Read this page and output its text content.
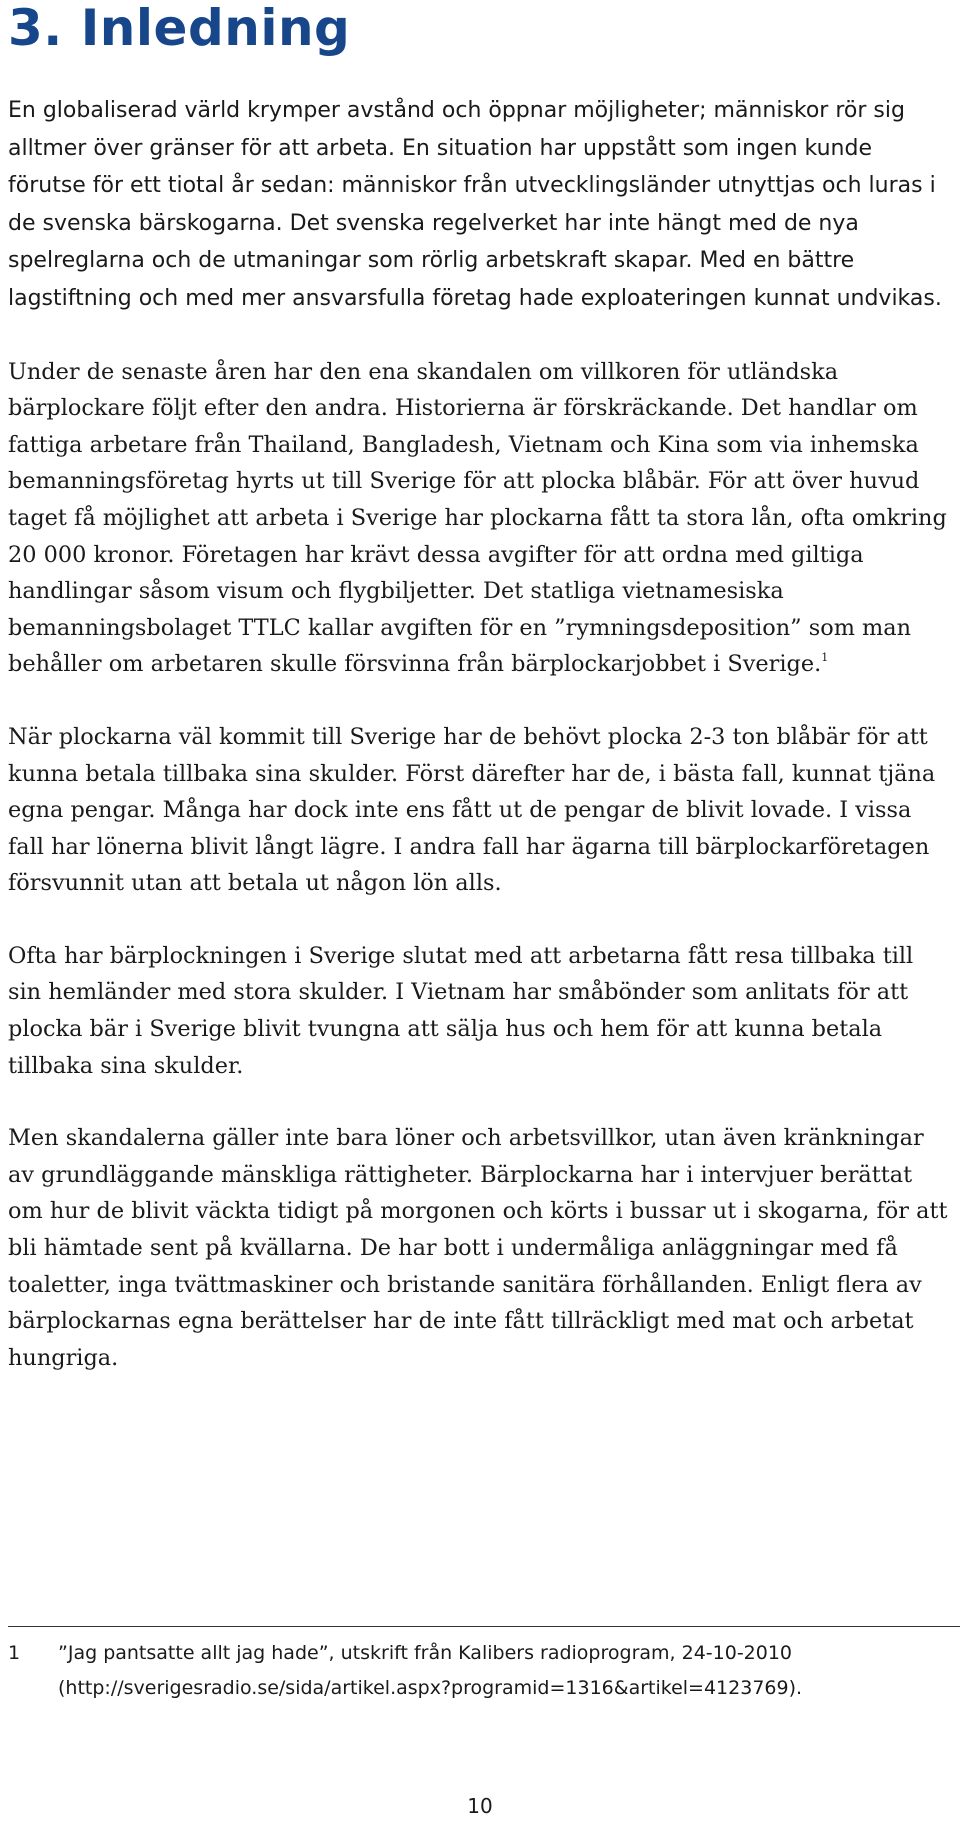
3. Inledning

En globaliserad värld krymper avstånd och öppnar möjligheter; människor rör sig alltmer över gränser för att arbeta. En situation har uppstått som ingen kunde förutse för ett tiotal år sedan: människor från utvecklingsländer utnyttjas och luras i de svenska bärskogarna. Det svenska regelverket har inte hängt med de nya spelreglarna och de utmaningar som rörlig arbetskraft skapar. Med en bättre lagstiftning och med mer ansvarsfulla företag hade exploateringen kunnat undvikas.

Under de senaste åren har den ena skandalen om villkoren för utländska bärplockare följt efter den andra. Historierna är förskräckande. Det handlar om fattiga arbetare från Thailand, Bangladesh, Vietnam och Kina som via inhemska bemanningsföretag hyrts ut till Sverige för att plocka blåbär. För att över huvud taget få möjlighet att arbeta i Sverige har plockarna fått ta stora lån, ofta omkring 20 000 kronor. Företagen har krävt dessa avgifter för att ordna med giltiga handlingar såsom visum och flygbiljetter. Det statliga vietnamesiska bemanningsbolaget TTLC kallar avgiften för en ”rymningsdeposition” som man behåller om arbetaren skulle försvinna från bärplockarjobbet i Sverige.$^1$

När plockarna väl kommit till Sverige har de behövt plocka 2-3 ton blåbär för att kunna betala tillbaka sina skulder. Först därefter har de, i bästa fall, kunnat tjäna egna pengar. Många har dock inte ens fått ut de pengar de blivit lovade. I vissa fall har lönerna blivit långt lägre. I andra fall har ägarna till bärplockarföretagen försvunnit utan att betala ut någon lön alls.

Ofta har bärplockningen i Sverige slutat med att arbetarna fått resa tillbaka till sin hemländer med stora skulder. I Vietnam har småbönder som anlitats för att plocka bär i Sverige blivit tvungna att sälja hus och hem för att kunna betala tillbaka sina skulder.

Men skandalerna gäller inte bara löner och arbetsvillkor, utan även kränkningar av grundläggande mänskliga rättigheter. Bärplockarna har i intervjuer berättat om hur de blivit väckta tidigt på morgonen och körts i bussar ut i skogarna, för att bli hämtade sent på kvällarna. De har bott i undermåliga anläggningar med få toaletter, inga tvättmaskiner och bristande sanitära förhållanden. Enligt flera av bärplockarnas egna berättelser har de inte fått tillräckligt med mat och arbetat hungriga.

1 ”Jag pantsatte allt jag hade”, utskrift från Kalibers radioprogram, 24-10-2010 (http://sverigesradio.se/sida/artikel.aspx?programid=1316&artikel=4123769).
10
